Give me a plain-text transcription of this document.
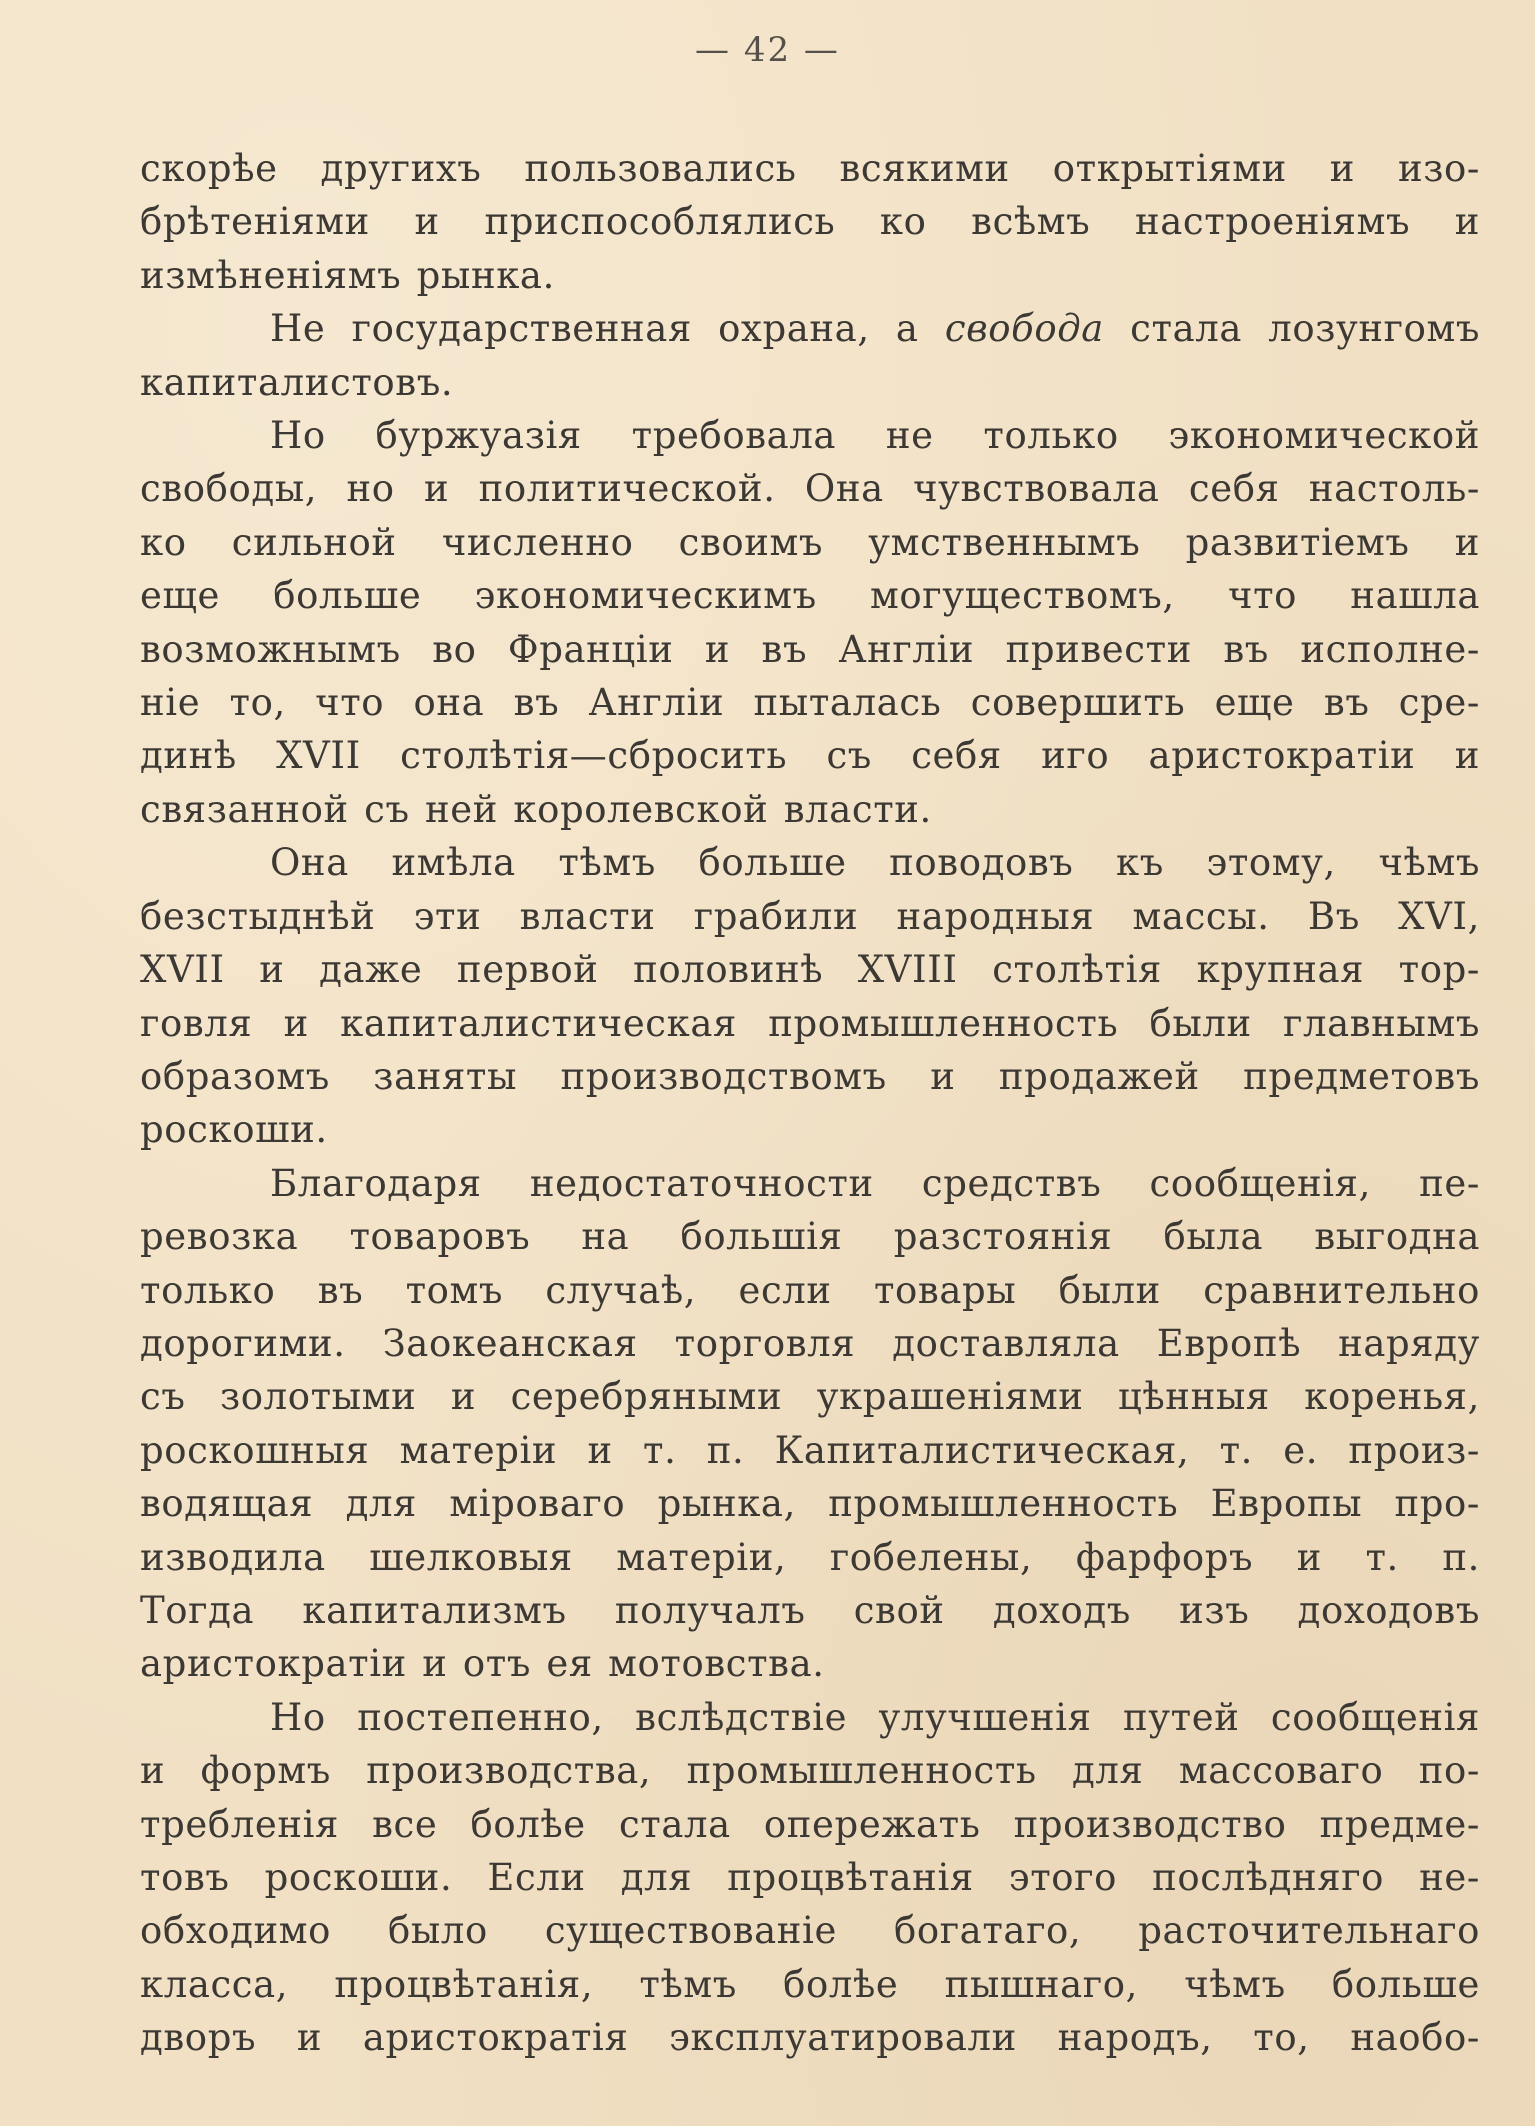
— 42 —
скорѣе другихъ пользовались всякими открытіями и изо-
брѣтеніями и приспособлялись ко всѣмъ настроеніямъ и
измѣненіямъ рынка.
Не государственная охрана, а свобода стала лозунгомъ
капиталистовъ.
Но буржуазія требовала не только экономической
свободы, но и политической. Она чувствовала себя настоль-
ко сильной численно своимъ умственнымъ развитіемъ и
еще больше экономическимъ могуществомъ, что нашла
возможнымъ во Франціи и въ Англіи привести въ исполне-
ніе то, что она въ Англіи пыталась совершить еще въ сре-
динѣ XVII столѣтія—сбросить съ себя иго аристократіи и
связанной съ ней королевской власти.
Она имѣла тѣмъ больше поводовъ къ этому, чѣмъ
безстыднѣй эти власти грабили народныя массы. Въ XVI,
XVII и даже первой половинѣ XVIII столѣтія крупная тор-
говля и капиталистическая промышленность были главнымъ
образомъ заняты производствомъ и продажей предметовъ
роскоши.
Благодаря недостаточности средствъ сообщенія, пе-
ревозка товаровъ на большія разстоянія была выгодна
только въ томъ случаѣ, если товары были сравнительно
дорогими. Заокеанская торговля доставляла Европѣ наряду
съ золотыми и серебряными украшеніями цѣнныя коренья,
роскошныя матеріи и т. п. Капиталистическая, т. е. произ-
водящая для міроваго рынка, промышленность Европы про-
изводила шелковыя матеріи, гобелены, фарфоръ и т. п.
Тогда капитализмъ получалъ свой доходъ изъ доходовъ
аристократіи и отъ ея мотовства.
Но постепенно, вслѣдствіе улучшенія путей сообщенія
и формъ производства, промышленность для массоваго по-
требленія все болѣе стала опережать производство предме-
товъ роскоши. Если для процвѣтанія этого послѣдняго не-
обходимо было существованіе богатаго, расточительнаго
класса, процвѣтанія, тѣмъ болѣе пышнаго, чѣмъ больше
дворъ и аристократія эксплуатировали народъ, то, наобо-
